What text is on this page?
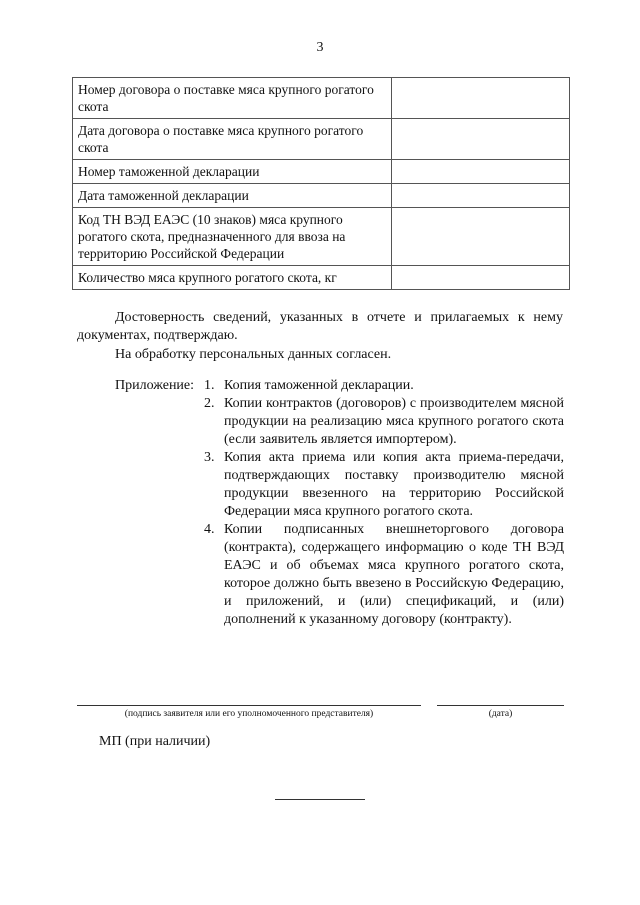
3
Номер договора о поставке мяса крупного рогатого скота	
Дата договора о поставке мяса крупного рогатого скота	
Номер таможенной декларации	
Дата таможенной декларации	
Код ТН ВЭД ЕАЭС (10 знаков) мяса крупного рогатого скота, предназначенного для ввоза на территорию Российской Федерации	
Количество мяса крупного рогатого скота, кг	
Достоверность сведений, указанных в отчете и прилагаемых к нему документах, подтверждаю.
На обработку персональных данных согласен.
Приложение: 1. Копия таможенной декларации.
2. Копии контрактов (договоров) с производителем мясной продукции на реализацию мяса крупного рогатого скота (если заявитель является импортером).
3. Копия акта приема или копия акта приема-передачи, подтверждающих поставку производителю мясной продукции ввезенного на территорию Российской Федерации мяса крупного рогатого скота.
4. Копии подписанных внешнеторгового договора (контракта), содержащего информацию о коде ТН ВЭД ЕАЭС и об объемах мяса крупного рогатого скота, которое должно быть ввезено в Российскую Федерацию, и приложений, и (или) спецификаций, и (или) дополнений к указанному договору (контракту).
(подпись заявителя или его уполномоченного представителя)	(дата)
МП (при наличии)
